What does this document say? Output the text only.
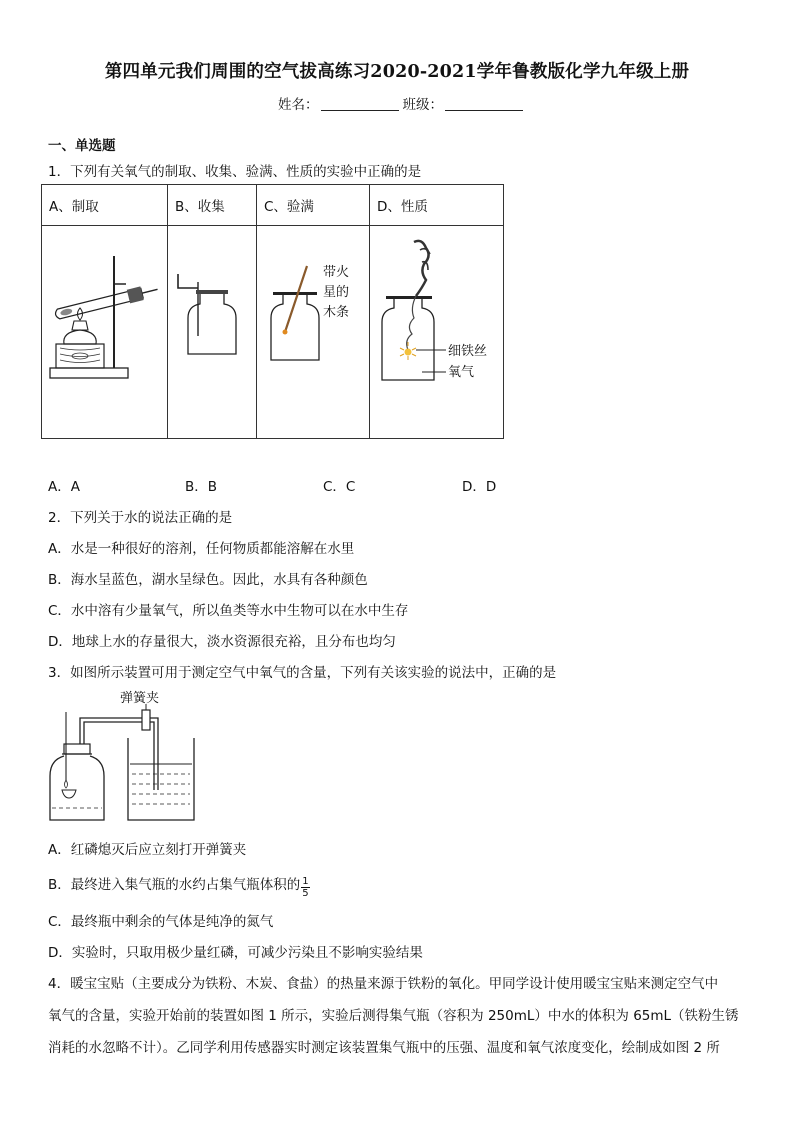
第四单元我们周围的空气拔高练习2020-2021学年鲁教版化学九年级上册
姓名：	班级：
一、单选题
1．下列有关氧气的制取、收集、验满、性质的实验中正确的是
A、制取	B、收集	C、验满	D、性质

带火
星的
木条	细铁丝
氧气
A．A	B．B	C．C	D．D
2．下列关于水的说法正确的是
A．水是一种很好的溶剂，任何物质都能溶解在水里
B．海水呈蓝色，湖水呈绿色。因此，水具有各种颜色
C．水中溶有少量氧气，所以鱼类等水中生物可以在水中生存
D．地球上水的存量很大，淡水资源很充裕，且分布也均匀
3．如图所示装置可用于测定空气中氧气的含量，下列有关该实验的说法中，正确的是
弹簧夹
A．红磷熄灭后应立刻打开弹簧夹
B．最终进入集气瓶的水约占集气瓶体积的 $\frac{1}{5}$
C．最终瓶中剩余的气体是纯净的氮气
D．实验时，只取用极少量红磷，可减少污染且不影响实验结果
4．暖宝宝贴（主要成分为铁粉、木炭、食盐）的热量来源于铁粉的氧化。甲同学设计使用暖宝宝贴来测定空气中
氧气的含量，实验开始前的装置如图 1 所示，实验后测得集气瓶（容积为 250mL）中水的体积为 65mL（铁粉生锈
消耗的水忽略不计）。乙同学利用传感器实时测定该装置集气瓶中的压强、温度和氧气浓度变化，绘制成如图 2 所
